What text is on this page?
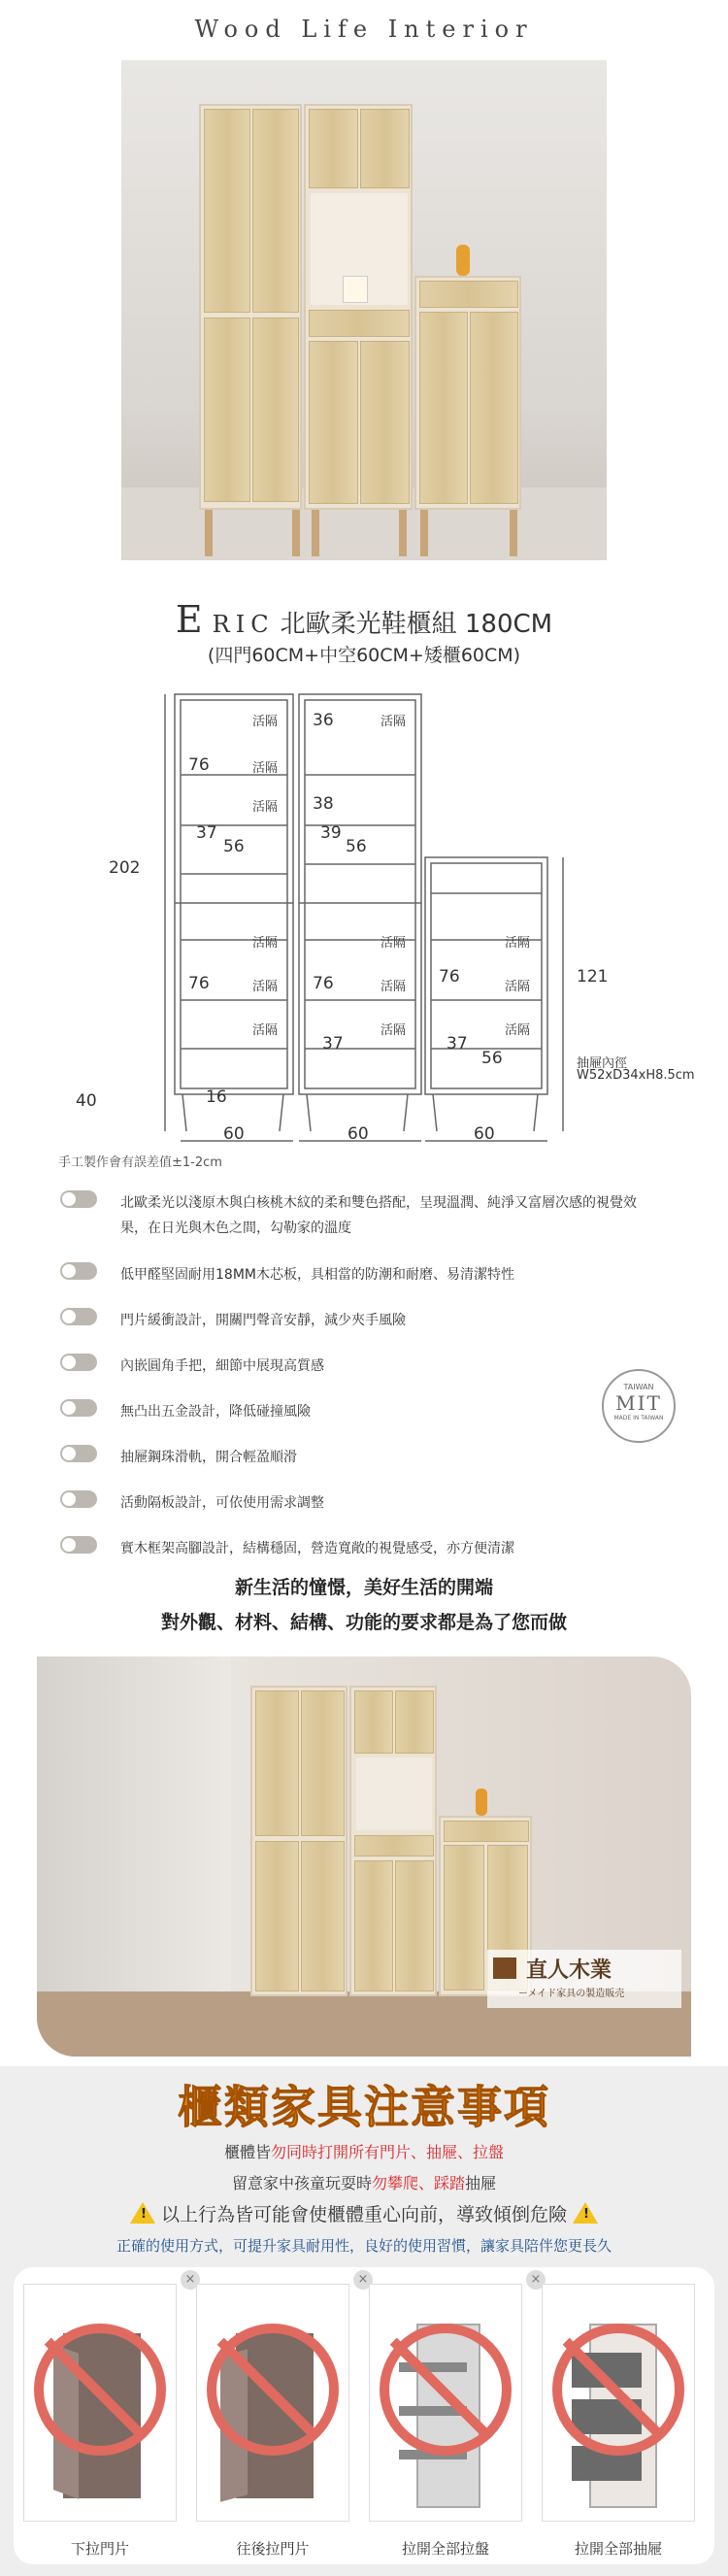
Wood Life Interior
ERIC 北歐柔光鞋櫃組 180CM
(四門60CM+中空60CM+矮櫃60CM)
活隔	活隔
活隔
活隔
活隔	活隔	活隔
活隔	活隔	活隔
活隔	活隔	活隔
76
37
56
202
40	16
76
36
38
39
56
76
37
121
76
37
56	抽屜內徑
W52xD34xH8.5cm
60	60	60
手工製作會有誤差值±1-2cm
北歐柔光以淺原木與白核桃木紋的柔和雙色搭配，呈現溫潤、純淨又富層次感的視覺效果，在日光與木色之間，勾勒家的溫度
低甲醛堅固耐用18MM木芯板，具相當的防潮和耐磨、易清潔特性
門片緩衝設計，開關門聲音安靜，減少夾手風險
內嵌圓角手把，細節中展現高質感
無凸出五金設計，降低碰撞風險
抽屜鋼珠滑軌，開合輕盈順滑
活動隔板設計，可依使用需求調整
實木框架高腳設計，結構穩固，營造寬敞的視覺感受，亦方便清潔
TAIWAN
MIT
MADE IN TAIWAN
新生活的憧憬，美好生活的開端
對外觀、材料、結構、功能的要求都是為了您而做
直人木業
ーメイド家具の製造販売
櫃類家具注意事項
櫃體皆勿同時打開所有門片、抽屜、拉盤
留意家中孩童玩耍時勿攀爬、踩踏抽屜
! 以上行為皆可能會使櫃體重心向前，導致傾倒危險 !
正確的使用方式，可提升家具耐用性，良好的使用習慣，讓家具陪伴您更長久
×	×	×
下拉門片	往後拉門片	拉開全部拉盤	拉開全部抽屜
